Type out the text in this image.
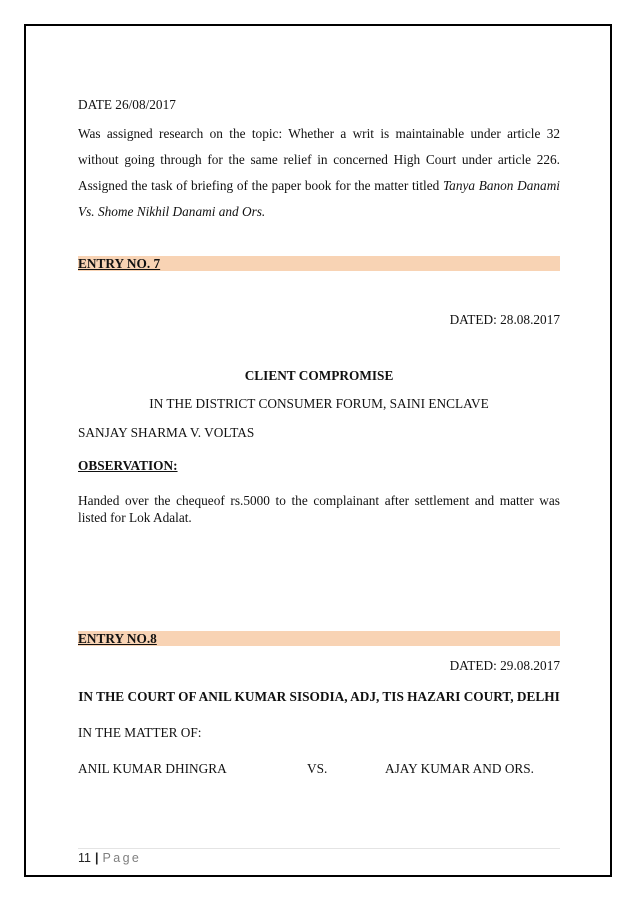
DATE 26/08/2017
Was assigned research on the topic: Whether a writ is maintainable under article 32 without going through for the same relief in concerned High Court under article 226. Assigned the task of briefing of the paper book for the matter titled Tanya Banon Danami Vs. Shome Nikhil Danami and Ors.
ENTRY NO. 7
DATED: 28.08.2017
CLIENT COMPROMISE
IN THE DISTRICT CONSUMER FORUM, SAINI ENCLAVE
SANJAY SHARMA V. VOLTAS
OBSERVATION:
Handed over the chequeof rs.5000 to the complainant after settlement and matter was listed for Lok Adalat.
ENTRY NO.8
DATED: 29.08.2017
IN THE COURT OF ANIL KUMAR SISODIA, ADJ, TIS HAZARI COURT, DELHI
IN THE MATTER OF:
ANIL KUMAR DHINGRA	VS.	AJAY KUMAR AND ORS.
11 | Page
